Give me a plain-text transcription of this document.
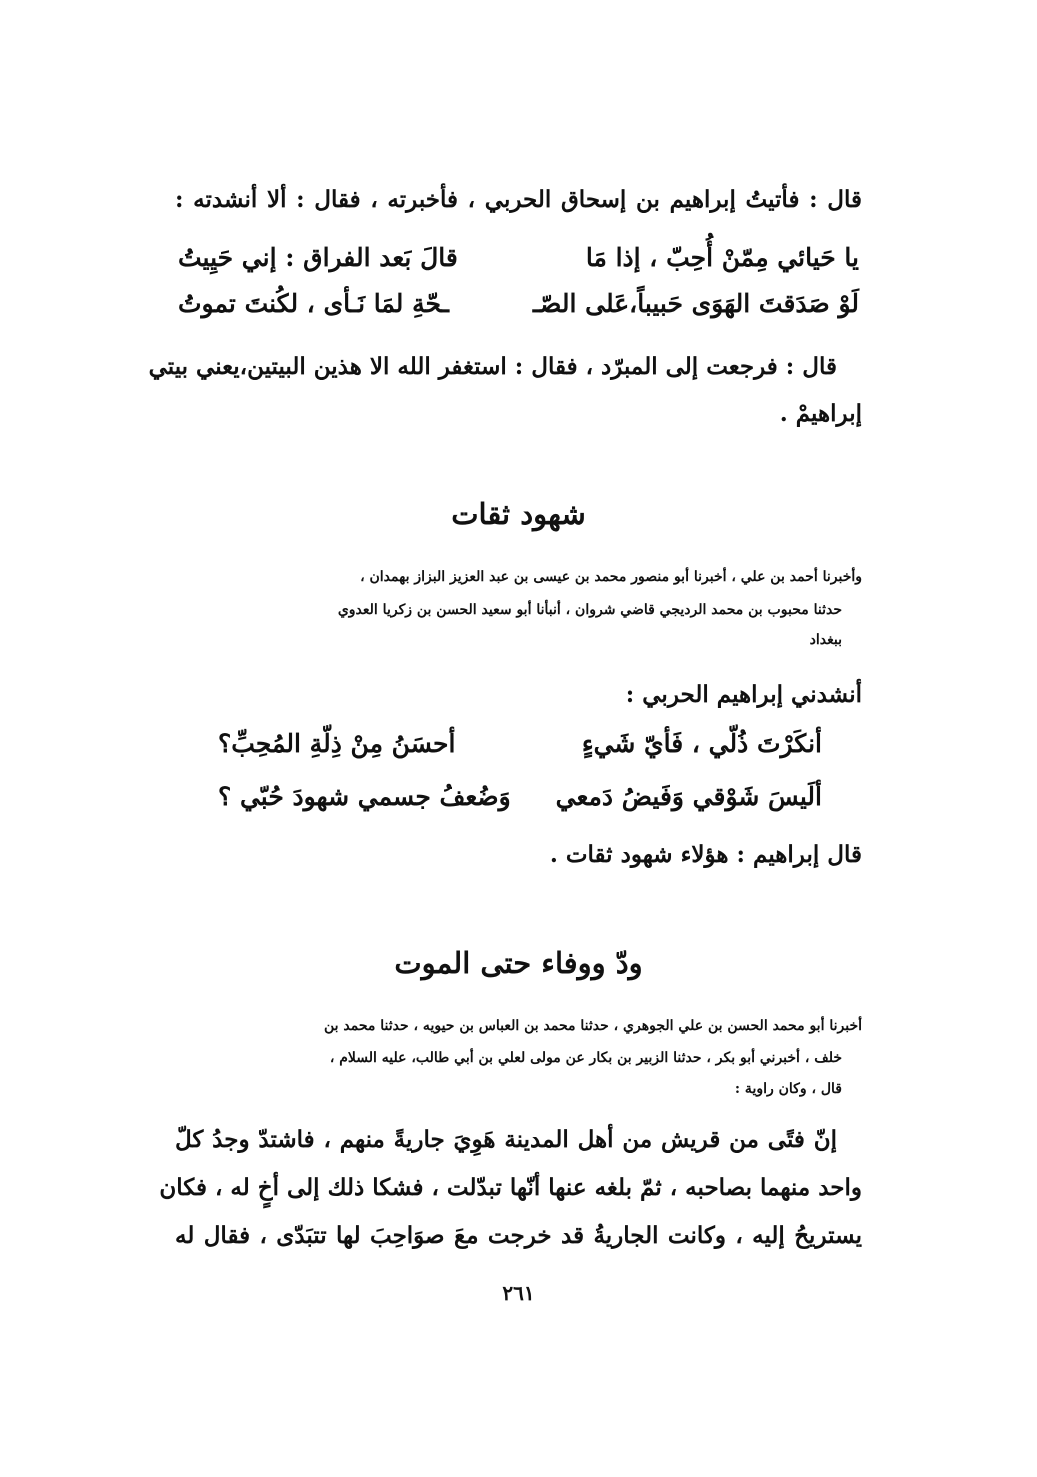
قال : فأتيتُ إبراهيم بن إسحاق الحربي ، فأخبرته ، فقال : ألا أنشدته :
يا حَيائي مِمّنْ أُحِبّ ، إذا مَا
قالَ بَعد الفراق : إني حَيِيتُ
لَوْ صَدَقتَ الهَوَى حَبيباً،عَلى الصّـ
ـحّةِ لمَا نَـأى ، لكُنتَ تموتُ
قال : فرجعت إلى المبرّد ، فقال : استغفر الله الا هذين البيتين،يعني بيتي
إبراهيمْ .
شهود ثقات
وأخبرنا أحمد بن علي ، أخبرنا أبو منصور محمد بن عيسى بن عبد العزيز البزاز بهمدان ،
حدثنا محبوب بن محمد الرديجي قاضي شروان ، أنبأنا أبو سعيد الحسن بن زكريا العدوي
ببغداد
أنشدني إبراهيم الحربي :
أنكَرْتَ ذُلّي ، فَأيّ شَيءٍ
أحسَنُ مِنْ ذِلّةِ المُحِبِّ؟
ألَيسَ شَوْقي وَفَيضُ دَمعي
وَضُعفُ جسمي شهودَ حُبّي ؟
قال إبراهيم : هؤلاء شهود ثقات .
ودّ ووفاء حتى الموت
أخبرنا أبو محمد الحسن بن علي الجوهري ، حدثنا محمد بن العباس بن حيويه ، حدثنا محمد بن
خلف ، أخبرني أبو بكر ، حدثنا الزبير بن بكار عن مولى لعلي بن أبي طالب، عليه السلام ،
قال ، وكان راوية :
إنّ فتًى من قريش من أهل المدينة هَوِيَ جاريةً منهم ، فاشتدّ وجدُ كلّ
واحد منهما بصاحبه ، ثمّ بلغه عنها أنّها تبدّلت ، فشكا ذلك إلى أخٍ له ، فكان
يستريحُ إليه ، وكانت الجاريةُ قد خرجت معَ صوَاحِبَ لها تتبَدّى ، فقال له
٢٦١
